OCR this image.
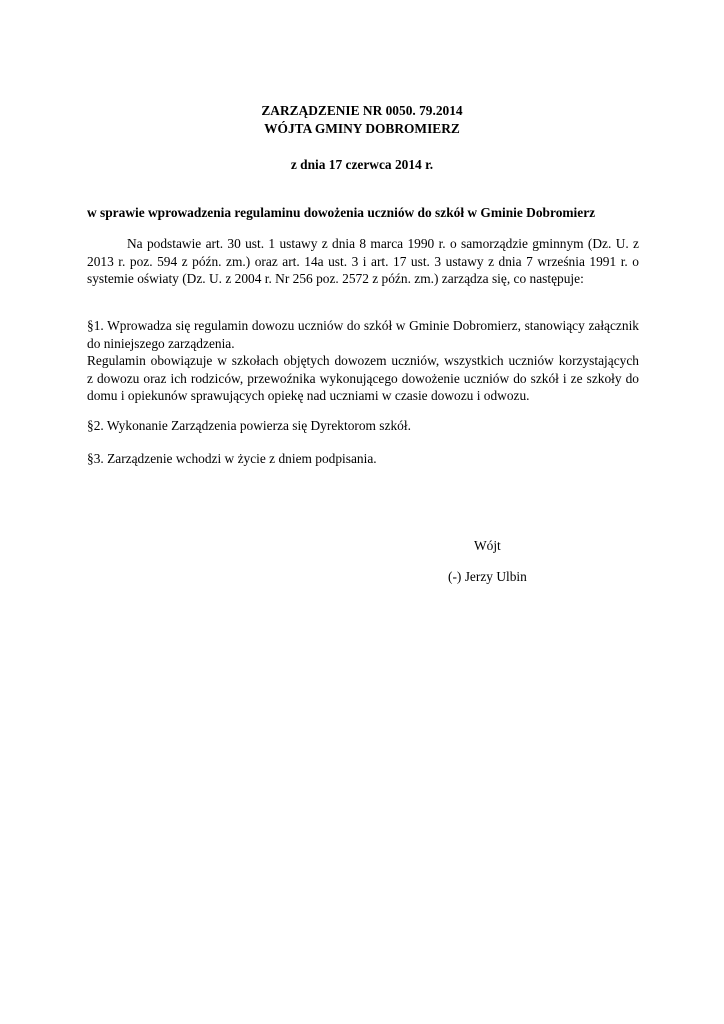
ZARZĄDZENIE NR 0050. 79.2014
WÓJTA GMINY DOBROMIERZ
z dnia 17 czerwca 2014 r.
w sprawie wprowadzenia regulaminu dowożenia uczniów do szkół w Gminie Dobromierz
Na podstawie art. 30 ust. 1 ustawy z dnia 8 marca 1990 r. o samorządzie gminnym (Dz. U. z
2013 r. poz. 594 z późn. zm.) oraz art. 14a ust. 3 i art. 17 ust. 3 ustawy z dnia 7 września 1991 r. o
systemie oświaty (Dz. U. z 2004 r. Nr 256 poz. 2572 z późn. zm.) zarządza się, co następuje:
§1. Wprowadza się regulamin dowozu uczniów do szkół w Gminie Dobromierz, stanowiący załącznik
do niniejszego zarządzenia.
Regulamin obowiązuje w szkołach objętych dowozem uczniów, wszystkich uczniów korzystających
z dowozu oraz ich rodziców, przewoźnika wykonującego dowożenie uczniów do szkół i ze szkoły do
domu i opiekunów sprawujących opiekę nad uczniami w czasie dowozu i odwozu.
§2. Wykonanie Zarządzenia powierza się Dyrektorom szkół.
§3. Zarządzenie wchodzi w życie z dniem podpisania.
Wójt
(-) Jerzy Ulbin
